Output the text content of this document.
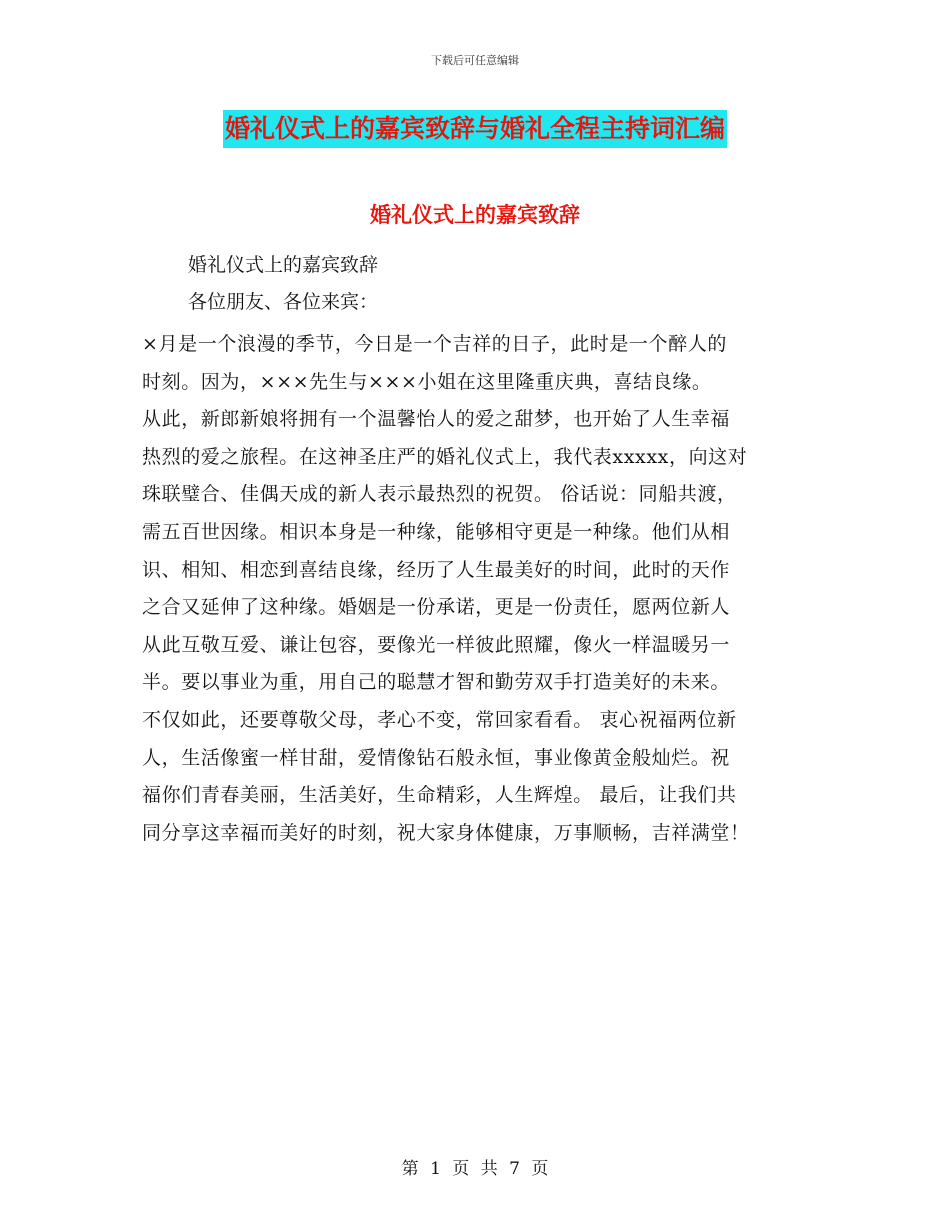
下载后可任意编辑
婚礼仪式上的嘉宾致辞与婚礼全程主持词汇编
婚礼仪式上的嘉宾致辞
婚礼仪式上的嘉宾致辞
各位朋友、各位来宾：
×月是一个浪漫的季节，今日是一个吉祥的日子，此时是一个醉人的
时刻。因为，×××先生与×××小姐在这里隆重庆典，喜结良缘。
从此，新郎新娘将拥有一个温馨怡人的爱之甜梦，也开始了人生幸福
热烈的爱之旅程。在这神圣庄严的婚礼仪式上，我代表xxxxx，向这对
珠联璧合、佳偶天成的新人表示最热烈的祝贺。 俗话说：同船共渡，
需五百世因缘。相识本身是一种缘，能够相守更是一种缘。他们从相
识、相知、相恋到喜结良缘，经历了人生最美好的时间，此时的天作
之合又延伸了这种缘。婚姻是一份承诺，更是一份责任，愿两位新人
从此互敬互爱、谦让包容，要像光一样彼此照耀，像火一样温暖另一
半。要以事业为重，用自己的聪慧才智和勤劳双手打造美好的未来。
不仅如此，还要尊敬父母，孝心不变，常回家看看。 衷心祝福两位新
人，生活像蜜一样甘甜，爱情像钻石般永恒，事业像黄金般灿烂。祝
福你们青春美丽，生活美好，生命精彩，人生辉煌。 最后，让我们共
同分享这幸福而美好的时刻，祝大家身体健康，万事顺畅，吉祥满堂！
第 1 页 共 7 页
